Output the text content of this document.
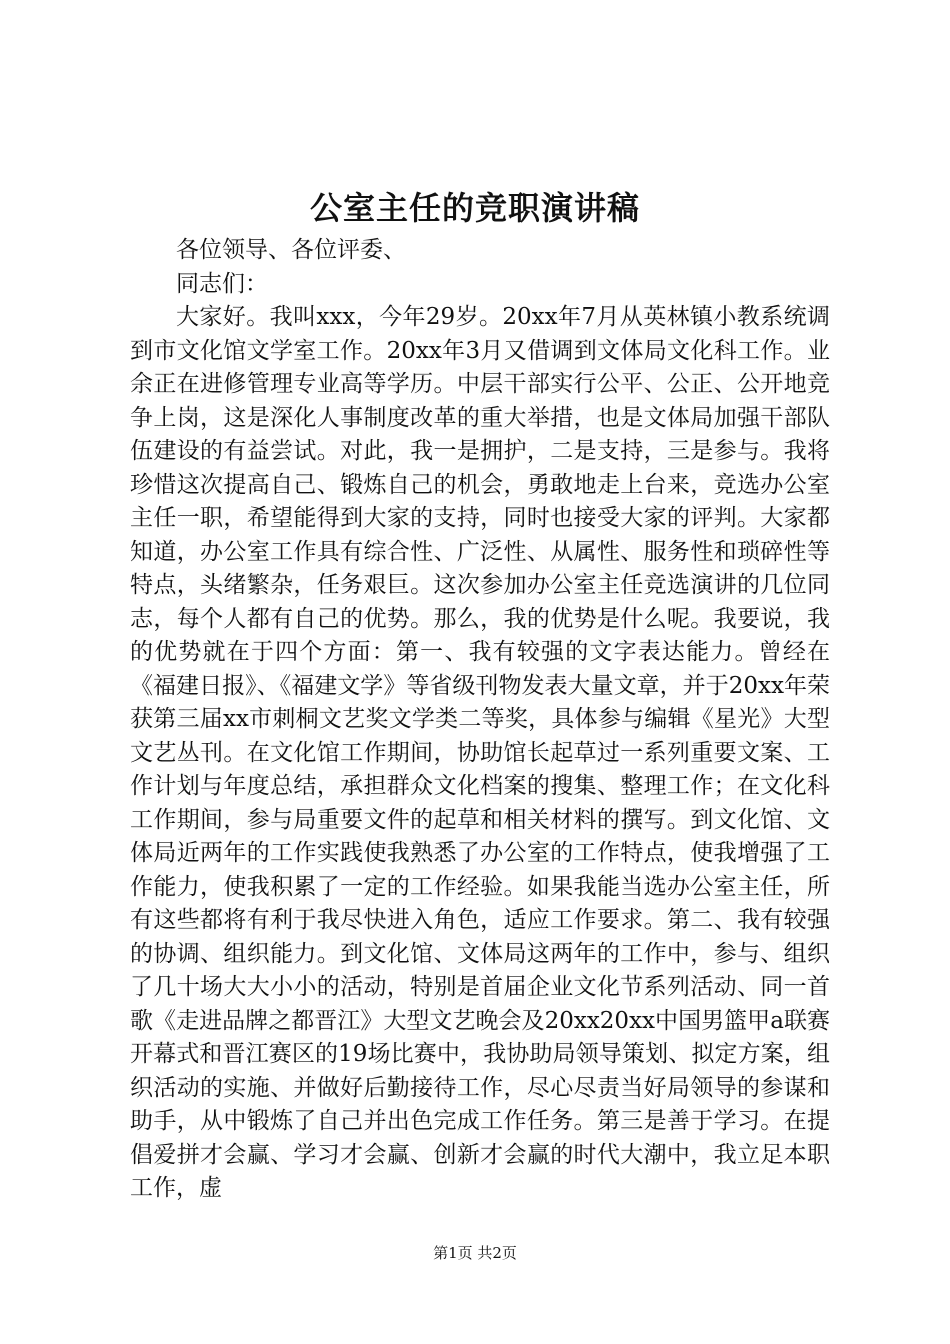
公室主任的竞职演讲稿

各位领导、各位评委、

同志们：

大家好。我叫xxx，今年29岁。20xx年7月从英林镇小教系统调到市文化馆文学室工作。20xx年3月又借调到文体局文化科工作。业余正在进修管理专业高等学历。中层干部实行公平、公正、公开地竞争上岗，这是深化人事制度改革的重大举措，也是文体局加强干部队伍建设的有益尝试。对此，我一是拥护，二是支持，三是参与。我将珍惜这次提高自己、锻炼自己的机会，勇敢地走上台来，竞选办公室主任一职，希望能得到大家的支持，同时也接受大家的评判。大家都知道，办公室工作具有综合性、广泛性、从属性、服务性和琐碎性等特点，头绪繁杂，任务艰巨。这次参加办公室主任竞选演讲的几位同志，每个人都有自己的优势。那么，我的优势是什么呢。我要说，我的优势就在于四个方面：第一、我有较强的文字表达能力。曾经在《福建日报》、《福建文学》等省级刊物发表大量文章，并于20xx年荣获第三届xx市刺桐文艺奖文学类二等奖，具体参与编辑《星光》大型文艺丛刊。在文化馆工作期间，协助馆长起草过一系列重要文案、工作计划与年度总结，承担群众文化档案的搜集、整理工作；在文化科工作期间，参与局重要文件的起草和相关材料的撰写。到文化馆、文体局近两年的工作实践使我熟悉了办公室的工作特点，使我增强了工作能力，使我积累了一定的工作经验。如果我能当选办公室主任，所有这些都将有利于我尽快进入角色，适应工作要求。第二、我有较强的协调、组织能力。到文化馆、文体局这两年的工作中，参与、组织了几十场大大小小的活动，特别是首届企业文化节系列活动、同一首歌《走进品牌之都晋江》大型文艺晚会及20xx20xx中国男篮甲a联赛开幕式和晋江赛区的19场比赛中，我协助局领导策划、拟定方案，组织活动的实施、并做好后勤接待工作，尽心尽责当好局领导的参谋和助手，从中锻炼了自己并出色完成工作任务。第三是善于学习。在提倡爱拼才会赢、学习才会赢、创新才会赢的时代大潮中，我立足本职工作，虚

第1页 共2页
